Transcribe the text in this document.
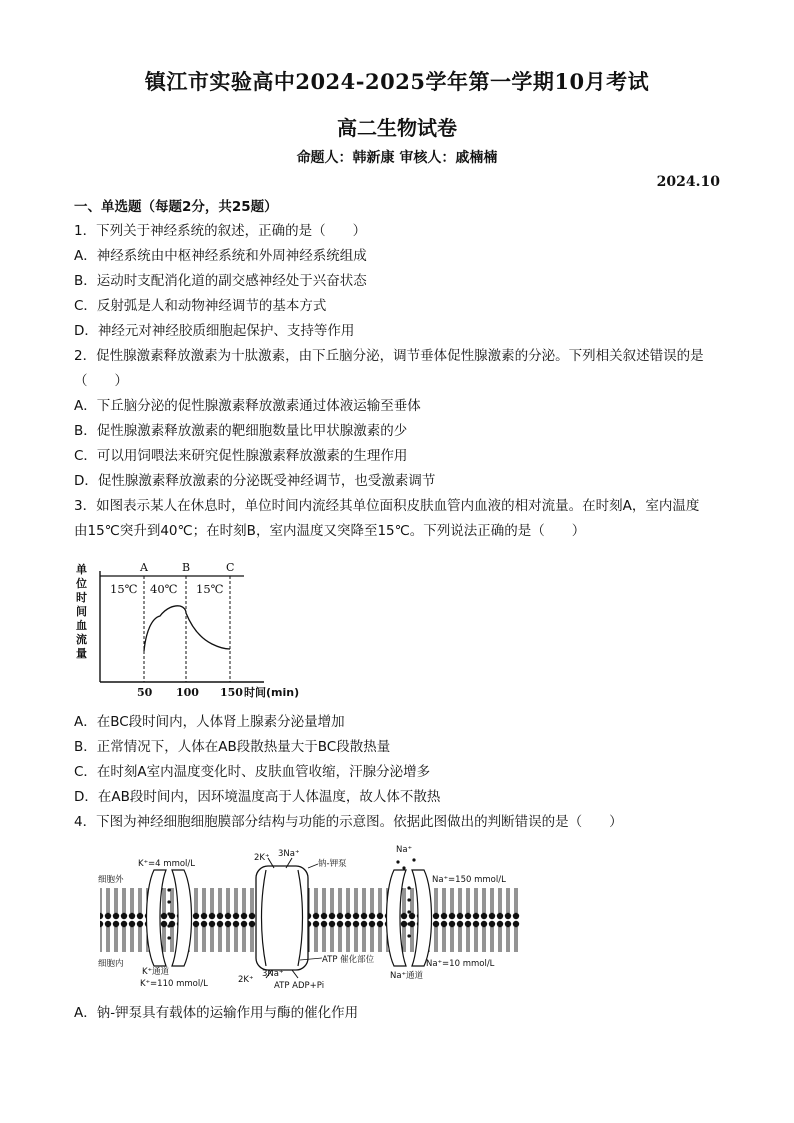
镇江市实验高中2024-2025学年第一学期10月考试
高二生物试卷
命题人：韩新康 审核人：戚楠楠
2024.10
一、单选题（每题2分，共25题）
1．下列关于神经系统的叙述，正确的是（　　）
A．神经系统由中枢神经系统和外周神经系统组成
B．运动时支配消化道的副交感神经处于兴奋状态
C．反射弧是人和动物神经调节的基本方式
D．神经元对神经胶质细胞起保护、支持等作用
2．促性腺激素释放激素为十肽激素，由下丘脑分泌，调节垂体促性腺激素的分泌。下列相关叙述错误的是
（　　）
A．下丘脑分泌的促性腺激素释放激素通过体液运输至垂体
B．促性腺激素释放激素的靶细胞数量比甲状腺激素的少
C．可以用饲喂法来研究促性腺激素释放激素的生理作用
D．促性腺激素释放激素的分泌既受神经调节，也受激素调节
3．如图表示某人在休息时，单位时间内流经其单位面积皮肤血管内血液的相对流量。在时刻A，室内温度
由15℃突升到40℃；在时刻B，室内温度又突降至15℃。下列说法正确的是（　　）
单
位
时
间
血
流
量
A	B	C
15℃ 40℃ 15℃
50 100 150 时间(min)
A．在BC段时间内，人体肾上腺素分泌量增加
B．正常情况下，人体在AB段散热量大于BC段散热量
C．在时刻A室内温度变化时、皮肤血管收缩，汗腺分泌增多
D．在AB段时间内，因环境温度高于人体温度，故人体不散热
4．下图为神经细胞细胞膜部分结构与功能的示意图。依据此图做出的判断错误的是（　　）
细胞外
细胞内
K⁺=4 mmol/L
K⁺通道
K⁺=110 mmol/L
2K⁺ 3Na⁺
钠-钾泵
ATP 催化部位
2K⁺
3Na⁺
ATP ADP+Pi
Na⁺
Na⁺=150 mmol/L
Na⁺通道
Na⁺=10 mmol/L
A．钠-钾泵具有载体的运输作用与酶的催化作用
